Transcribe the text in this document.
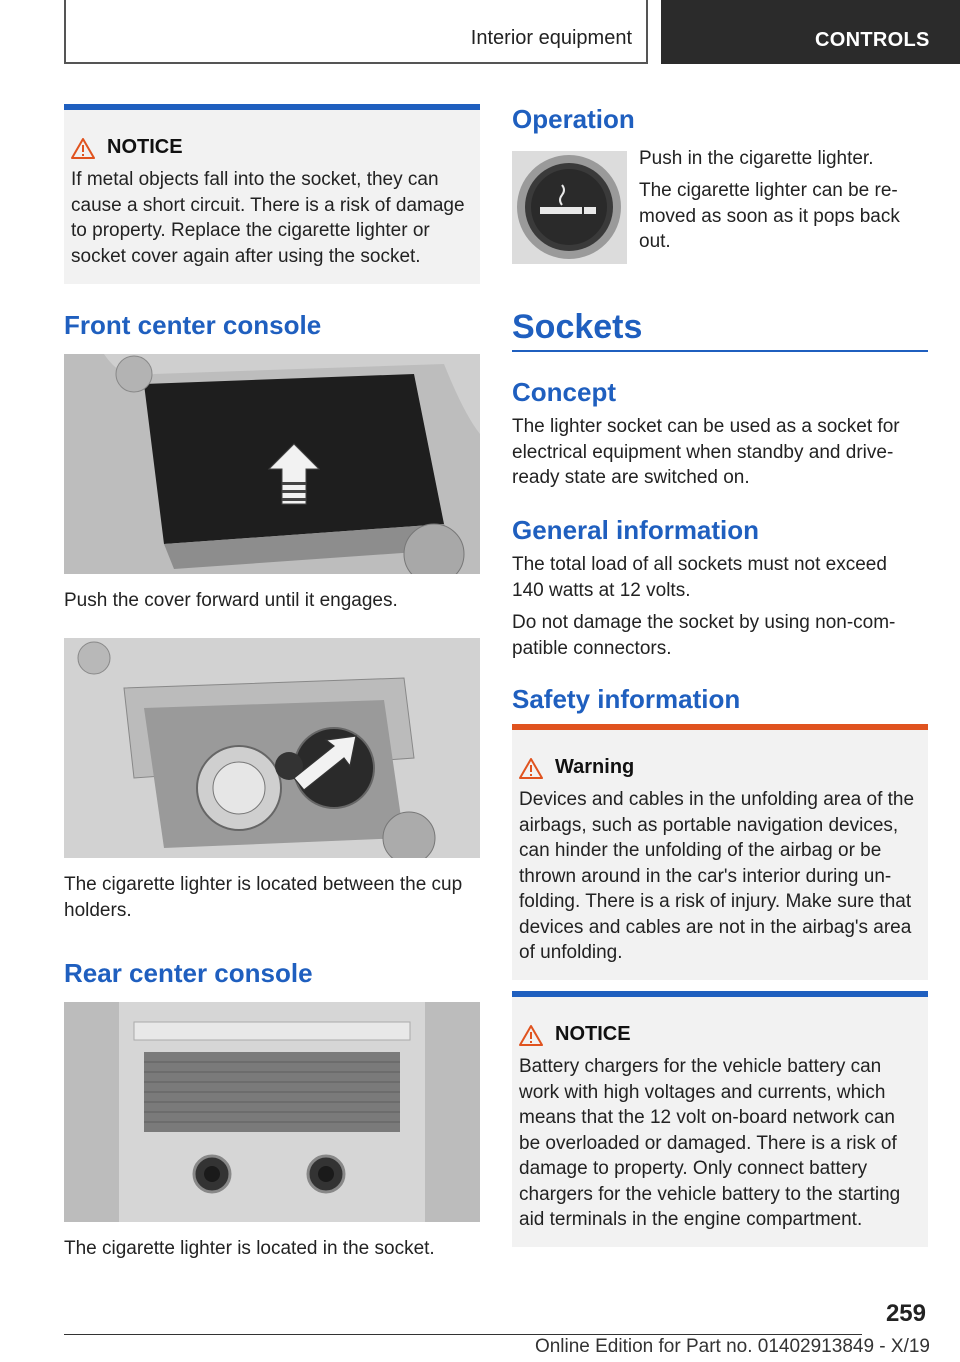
Interior equipment	CONTROLS
NOTICE
If metal objects fall into the socket, they can cause a short circuit. There is a risk of damage to property. Replace the cigarette lighter or socket cover again after using the socket.
Front center console

Push the cover forward until it engages.

The cigarette lighter is located between the cup holders.

Rear center console

The cigarette lighter is located in the socket.

Operation

Push in the cigarette lighter.

The cigarette lighter can be re‐moved as soon as it pops back out.

Sockets
Concept

The lighter socket can be used as a socket for electrical equipment when standby and drive‐ready state are switched on.

General information

The total load of all sockets must not exceed 140 watts at 12 volts.

Do not damage the socket by using non-com‐patible connectors.

Safety information
Warning
Devices and cables in the unfolding area of the airbags, such as portable navigation devices, can hinder the unfolding of the airbag or be thrown around in the car's interior during un‐folding. There is a risk of injury. Make sure that devices and cables are not in the airbag's area of unfolding.
NOTICE
Battery chargers for the vehicle battery can work with high voltages and currents, which means that the 12 volt on-board network can be overloaded or damaged. There is a risk of damage to property. Only connect battery chargers for the vehicle battery to the starting aid terminals in the engine compartment.
259
Online Edition for Part no. 01402913849 - X/19
